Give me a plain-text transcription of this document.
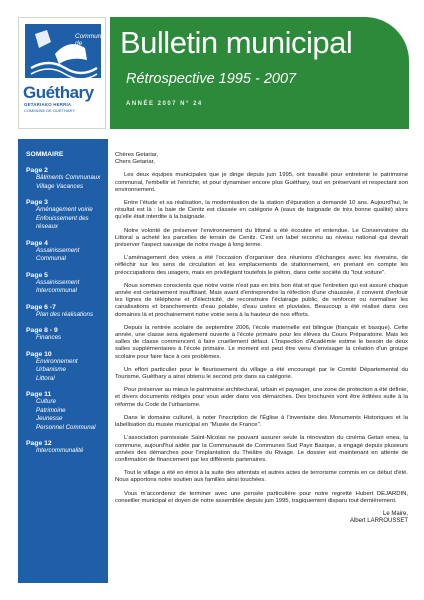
Commune de
Guéthary
GETARIAKO HERRIA
COMMUNE DE GUÉTHARY
Bulletin municipal
Rétrospective 1995 - 2007
ANNÉE 2007 N° 24
SOMMAIRE
Page 2
Bâtiments Communaux
Village Vacances
Page 3
Aménagement voirie
Enfouissement des
réseaux
Page 4
Assainissement
Communal
Page 5
Assainissement
Intercommunal
Page 6 -7
Plan des réalisations
Page 8 - 9
Finances
Page 10
Environnement
Urbanisme
Littoral
Page 11
Culture
Patrimoine
Jeunesse
Personnel Communal
Page 12
Intercommunalité
Chères Getariar,
Chers Getariar,

Les deux équipes municipales que je dirige depuis juin 1995, ont travaillé pour entretenir le patrimoine communal, l'embellir et l'enrichir, et pour dynamiser encore plus Guéthary, tout en préservant et respectant son environnement.

Entre l'étude et sa réalisation, la modernisation de la station d'épuration a demandé 10 ans. Aujourd'hui, le résultat est là : la baie de Cenitz est classée en catégorie A (eaux de baignade de très bonne qualité) alors qu'elle était interdite à la baignade.

Notre volonté de préserver l'environnement du littoral a été écoutée et entendue. Le Conservatoire du Littoral a acheté les parcelles de terrain de Cenitz. C'est un label reconnu au niveau national qui devrait préserver l'aspect sauvage de notre rivage à long terme.

L'aménagement des voies a été l'occasion d'organiser des réunions d'échanges avec les riverains, de réfléchir sur les sens de circulation et les emplacements de stationnement, en prenant en compte les préoccupations des usagers, mais en privilégiant toutefois le piéton, dans cette société du "tout voiture".

Nous sommes conscients que notre voirie n'est pas en très bon état et que l'entretien qui est assuré chaque année est certainement insuffisant. Mais avant d'entreprendre la réfection d'une chaussée, il convient d'enfouir les lignes de téléphone et d'électricité, de reconstruire l'éclairage public, de renforcer ou normaliser les canalisations et branchements d'eau potable, d'eau usées et pluviales. Beaucoup a été réalisé dans ces domaines là et prochainement notre voirie sera à la hauteur de nos efforts.

Depuis la rentrée scolaire de septembre 2006, l'école maternelle est bilingue (français et basque). Cette année, une classe sera également ouverte à l'école primaire pour les élèves du Cours Préparatoire. Mais les salles de classe commencent à faire cruellement défaut. L'Inspection d'Académie estime le besoin de deux salles supplémentaires à l'école primaire. Le moment est peut être venu d'envisager la création d'un groupe scolaire pour faire face à ces problèmes.

Un effort particulier pour le fleurissement du village a été encouragé par le Comité Départemental du Tourisme. Guéthary a ainsi obtenu le second prix dans sa catégorie.

Pour préserver au mieux le patrimoine architectural, urbain et paysager, une zone de protection a été définie, et divers documents rédigés pour vous aider dans vos démarches. Des brochures vont être éditées suite à la réforme du Code de l'urbanisme.

Dans le domaine culturel, à noter l'inscription de l'Église à l'inventaire des Monuments Historiques et la labellisation du musée municipal en "Musée de France".

L'association paroissiale Saint-Nicolas ne pouvant assurer seule la rénovation du cinéma Getari enea, la commune, aujourd'hui aidée par la Communauté de Communes Sud Pays Basque, a engagé depuis plusieurs années des démarches pour l'implantation du Théâtre du Rivage. Le dossier est maintenant en attente de confirmation de financement par les différents partenaires.

Tout le village a été en émoi à la suite des attentats et autres actes de terrorisme commis en ce début d'été. Nous apportons notre soutien aux familles ainsi touchées.

Vous m'accorderez de terminer avec une pensée particulière pour notre regretté Hubert DEJARDIN, conseiller municipal et doyen de notre assemblée depuis juin 1995, tragiquement disparu tout dernièrement.

Le Maire,
Albert LARROUSSET
